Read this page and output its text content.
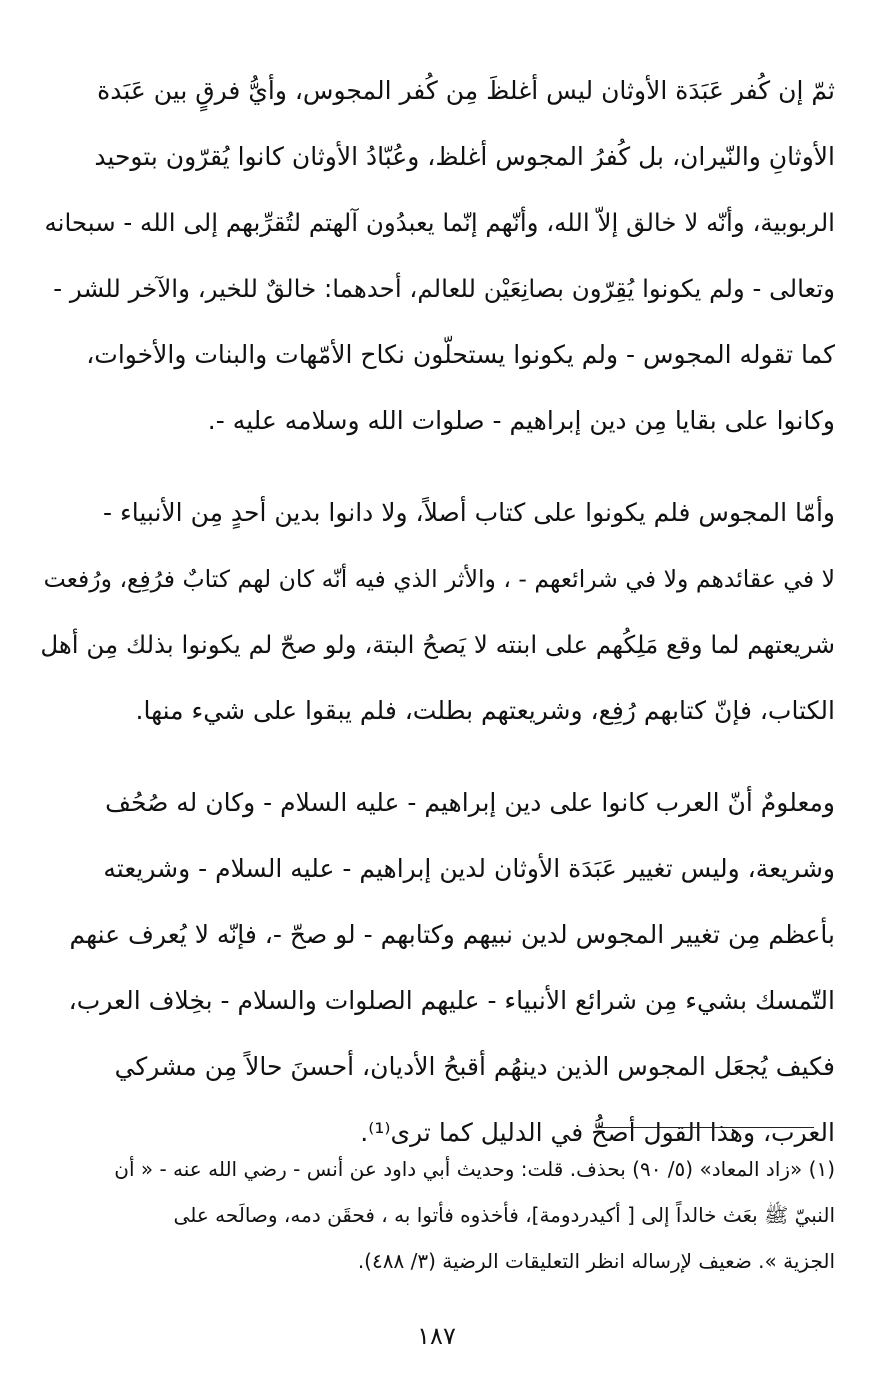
ثمّ إن كُفر عَبَدَة الأوثان ليس أغلظَ مِن كُفر المجوس، وأيُّ فرقٍ بين عَبَدة
الأوثانِ والنّيران، بل كُفرُ المجوس أغلظ، وعُبّادُ الأوثان كانوا يُقرّون بتوحيد
الربوبية، وأنّه لا خالق إلاّ الله، وأنّهم إنّما يعبدُون آلهتم لتُقرِّبهم إلى الله - سبحانه
وتعالى - ولم يكونوا يُقِرّون بصانِعَيْن للعالم، أحدهما: خالقٌ للخير، والآخر للشر -
كما تقوله المجوس - ولم يكونوا يستحلّون نكاح الأمّهات والبنات والأخوات،
وكانوا على بقايا مِن دين إبراهيم - صلوات الله وسلامه عليه -.
وأمّا المجوس فلم يكونوا على كتاب أصلاً، ولا دانوا بدين أحدٍ مِن الأنبياء -
لا في عقائدهم ولا في شرائعهم - ، والأثر الذي فيه أنّه كان لهم كتابٌ فرُفِع، ورُفعت
شريعتهم لما وقع مَلِكُهم على ابنته لا يَصحُ البتة، ولو صحّ لم يكونوا بذلك مِن أهل
الكتاب، فإنّ كتابهم رُفِع، وشريعتهم بطلت، فلم يبقوا على شيء منها.
ومعلومٌ أنّ العرب كانوا على دين إبراهيم - عليه السلام - وكان له صُحُف
وشريعة، وليس تغيير عَبَدَة الأوثان لدين إبراهيم - عليه السلام - وشريعته
بأعظم مِن تغيير المجوس لدين نبيهم وكتابهم - لو صحّ -، فإنّه لا يُعرف عنهم
التّمسك بشيء مِن شرائع الأنبياء - عليهم الصلوات والسلام - بخِلاف العرب،
فكيف يُجعَل المجوس الذين دينهُم أقبحُ الأديان، أحسنَ حالاً مِن مشركي
العرب، وهذا القول أصحُّ في الدليل كما ترى⁽¹⁾.
(١) «زاد المعاد» (٥/ ٩٠) بحذف. قلت: وحديث أبي داود عن أنس - رضي الله عنه - « أن
النبيّ ﷺ بعَث خالداً إلى [ أكيدردومة]، فأخذوه فأتوا به ، فحقَن دمه، وصالَحه على
الجزية ». ضعيف لإرساله انظر التعليقات الرضية (٣/ ٤٨٨).
١٨٧
